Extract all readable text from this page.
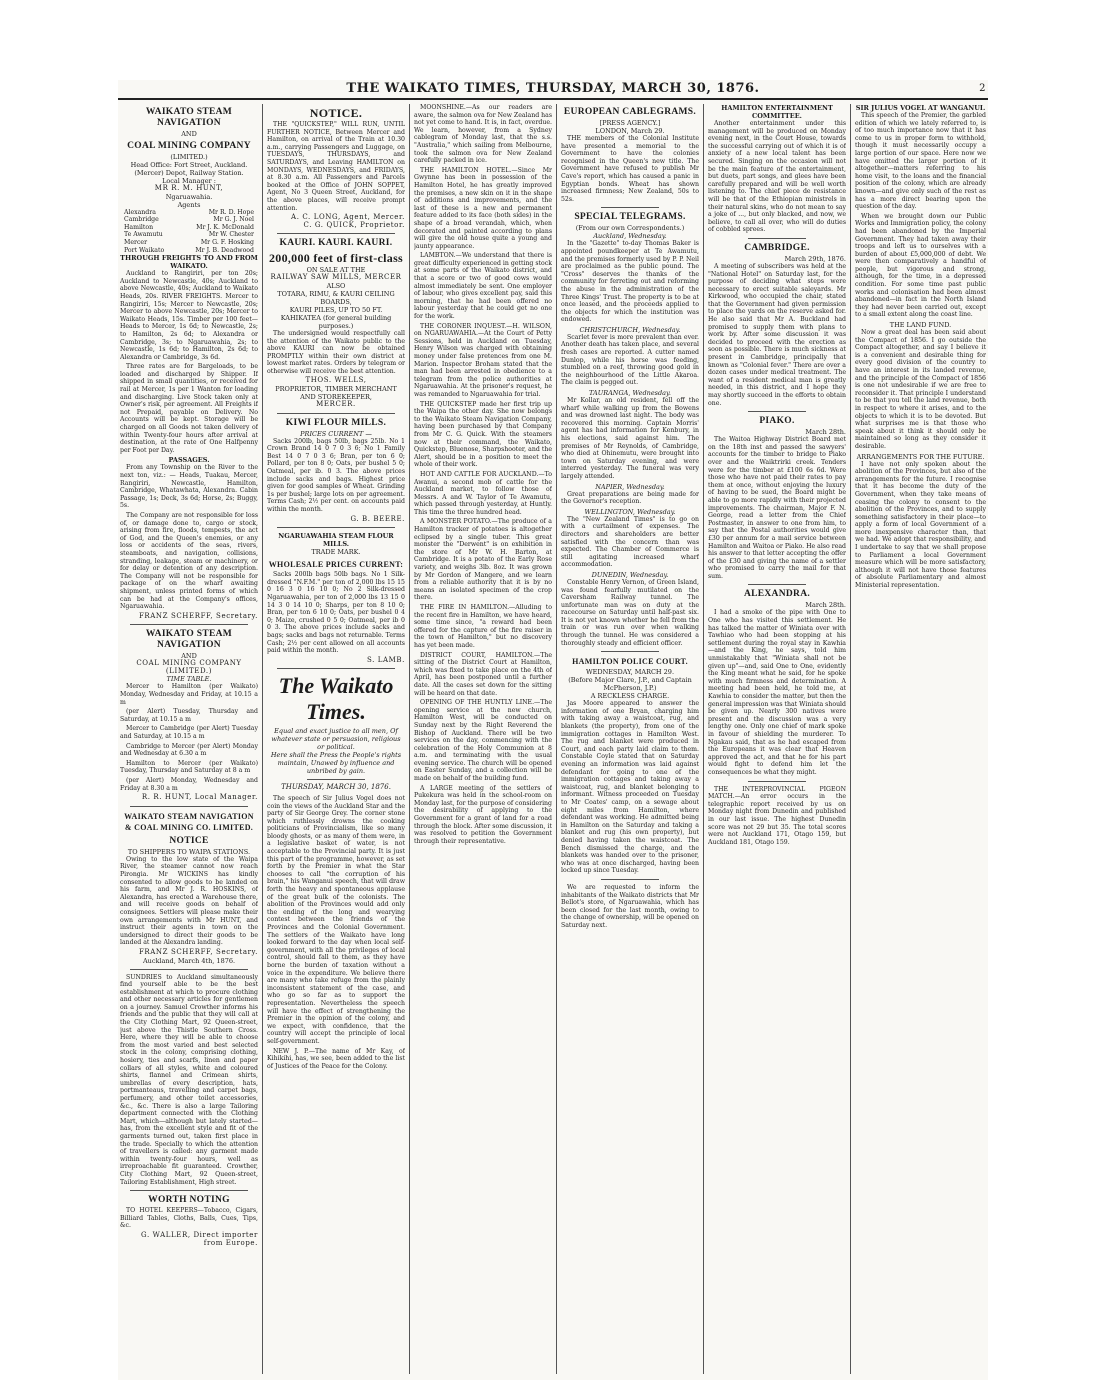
THE WAIKATO TIMES, THURSDAY, MARCH 30, 1876.	2
WAIKATO STEAM NAVIGATION
AND
COAL MINING COMPANY
(LIMITED.)
Head Office: Fort Street, Auckland.
(Mercer) Depot, Railway Station.
Local Manager :
MR R. M. HUNT,
Ngaruawahia.
Agents
Alexandra	Mr R. D. Hope
Cambridge	Mr G. J. Noel
Hamilton	Mr J. K. McDonald
Te Awamutu	Mr W. Chester
Mercer	Mr G. F. Hosking
Port Waikato	Mr J. B. Deadwood
THROUGH FREIGHTS TO AND FROM WAIKATO.

Auckland to Rangiriri, per ton 20s; Auckland to Newcastle, 40s; Auckland to above Newcastle, 40s; Auckland to Waikato Heads, 20s. RIVER FREIGHTS. Mercer to Rangiriri, 15s; Mercer to Newcastle, 20s; Mercer to above Newcastle, 20s; Mercer to Waikato Heads, 15s. Timber per 100 feet—Heads to Mercer, 1s 6d; to Newcastle, 2s; to Hamilton, 2s 6d; to Alexandra or Cambridge, 3s; to Ngaruawahia, 2s; to Newcastle, 1s 6d; to Hamilton, 2s 6d; to Alexandra or Cambridge, 3s 6d.

Three rates are for Bargeloads, to be loaded and discharged by Shipper. If shipped in small quantities, or received for rail at Mercer, 1s per 1 Wanton for loading and discharging. Live Stock taken only at Owner's risk, per agreement. All Freights if not Prepaid, payable on Delivery. No Accounts will be kept. Storage will be charged on all Goods not taken delivery of within Twenty-four hours after arrival at destination, at the rate of One Halfpenny per Foot per Day.

PASSAGES.

From any Township on the River to the next ton, viz.: — Heads, Tuakau, Mercer, Rangiriri, Newcastle, Hamilton, Cambridge, Whatawhata, Alexandra. Cabin Passage, 1s; Deck, 3s 6d; Horse, 2s; Buggy, 5s.

The Company are not responsible for loss of, or damage done to, cargo or stock, arising from fire, floods, tempests, the act of God, and the Queen's enemies, or any loss or accidents of the seas, rivers, steamboats, and navigation, collisions, stranding, leakage, steam or machinery, or for delay or detention of any description. The Company will not be responsible for package of on the wharf awaiting shipment, unless printed forms of which can be had at the Company's offices, Ngaruawahia.

FRANZ SCHERFF, Secretary.
WAIKATO STEAM NAVIGATION
AND
COAL MINING COMPANY (LIMITED.)
TIME TABLE.

Mercer to Hamilton (per Waikato) Monday, Wednesday and Friday, at 10.15 a m

(per Alert) Tuesday, Thursday and Saturday, at 10.15 a m

Mercer to Cambridge (per Alert) Tuesday and Saturday, at 10.15 a m

Cambridge to Mercer (per Alert) Monday and Wednesday at 6.30 a m

Hamilton to Mercer (per Waikato) Tuesday, Thursday and Saturday at 8 a m

(per Alert) Monday, Wednesday and Friday at 8.30 a m

R. R. HUNT, Local Manager.
WAIKATO STEAM NAVIGATION & COAL MINING CO. LIMITED.
NOTICE
TO SHIPPERS TO WAIPA STATIONS.

Owing to the low state of the Waipa River, the steamer cannot now reach Pirongia. Mr WICKINS has kindly consented to allow goods to be landed on his farm, and Mr J. R. HOSKINS, of Alexandra, has erected a Warehouse there, and will receive goods on behalf of consignees. Settlers will please make their own arrangements with Mr HUNT, and instruct their agents in town on the undersigned to direct their goods to be landed at the Alexandra landing.

FRANZ SCHERFF, Secretary.
Auckland, March 4th, 1876.

SUNDRIES to Auckland simultaneously find yourself able to be the best establishment at which to procure clothing and other necessary articles for gentlemen on a journey. Samuel Crowther informs his friends and the public that they will call at the City Clothing Mart, 92 Queen-street, just above the Thistle Southern Cross. Here, where they will be able to choose from the most varied and best selected stock in the colony, comprising clothing, hosiery, ties and scarfs, linen and paper collars of all styles, white and coloured shirts, flannel and Crimean shirts, umbrellas of every description, hats, portmanteaus, travelling and carpet bags, perfumery, and other toilet accessories, &c., &c. There is also a large Tailoring department connected with the Clothing Mart, which—although but lately started—has, from the excellent style and fit of the garments turned out, taken first place in the trade. Specially to which the attention of travellers is called: any garment made within twenty-four hours, well as irreproachable fit guaranteed. Crowther, City Clothing Mart, 92 Queen-street, Tailoring Establishment, High street.

WORTH NOTING

TO HOTEL KEEPERS—Tobacco, Cigars, Billiard Tables, Cloths, Balls, Cues, Tips, &c.

G. WALLER, Direct importer from Europe.
NOTICE.

THE "QUICKSTEP," WILL RUN, UNTIL FURTHER NOTICE, Between Mercer and Hamilton, on arrival of the Train at 10.30 a.m., carrying Passengers and Luggage, on TUESDAYS, THURSDAYS, and SATURDAYS, and Leaving HAMILTON on MONDAYS, WEDNESDAYS, and FRIDAYS, at 8.30 a.m. All Passengers and Parcels booked at the Office of JOHN SOPPET, Agent, No 3 Queen Street, Auckland, for the above places, will receive prompt attention.

A. C. LONG, Agent, Mercer.
C. G. QUICK, Proprietor.
KAURI. KAURI. KAURI.
200,000 feet of first-class
ON SALE AT THE
RAILWAY SAW MILLS, MERCER
ALSO
TOTARA, RIMU, & KAURI CEILING BOARDS,
KAURI PILES, UP TO 50 FT.
KAHIKATEA (for general building purposes.)

The undersigned would respectfully call the attention of the Waikato public to the above KAURI can now be obtained PROMPTLY within their own district at lowest market rates. Orders by telegram or otherwise will receive the best attention.

THOS. WELLS,
PROPRIETOR, TIMBER MERCHANT AND STOREKEEPER,
MERCER.
KIWI FLOUR MILLS.
PRICES CURRENT —

Sacks 200lb, bags 50lb, bags 25lb. No 1 Crown Brand 14 0 7 0 3 6; No 1 Family Best 14 0 7 0 3 6; Bran, per ton 6 0; Pollard, per ton 8 0; Oats, per bushel 5 0; Oatmeal, per ib. 0 3. The above prices include sacks and bags. Highest price given for good samples of Wheat. Grinding 1s per bushel; large lots on per agreement. Terms Cash; 2½ per cent. on accounts paid within the month.

G. B. BEERE.
NGARUAWAHIA STEAM FLOUR MILLS.
TRADE MARK.
WHOLESALE PRICES CURRENT:

Sacks 200lb bags 50lb bags. No 1 Silk-dressed "N.F.M." per ton of 2,000 lbs 15 15 0 16 3 0 16 10 0; No 2 Silk-dressed Ngaruawahia, per ton of 2,000 lbs 13 15 0 14 3 0 14 10 0; Sharps, per ton 8 10 0; Bran, per ton 6 10 0; Oats, per bushel 0 4 0; Maize, crushed 0 5 0; Oatmeal, per ib 0 0 3. The above prices include sacks and bags; sacks and bags not returnable. Terms Cash; 2½ per cent allowed on all accounts paid within the month.

S. LAMB.
The Waikato Times.
Equal and exact justice to all men, Of whatever state or persuasion, religious or political.
Here shall the Press the People's rights maintain, Unawed by influence and unbribed by gain.
THURSDAY, MARCH 30, 1876.

The speech of Sir Julius Vogel does not coin the views of the Auckland Star and the party of Sir George Grey. The corner stone which ruthlessly drowns the cooking politicians of Provincialism, like so many bloody ghosts, or as many of them were, in a legislative basket of water, is not acceptable to the Provincial party. It is just this part of the programme, however, as set forth by the Premier in what the Star chooses to call "the corruption of his brain," his Wanganui speech, that will draw forth the heavy and spontaneous applause of the great bulk of the colonists. The abolition of the Provinces would add only the ending of the long and wearying contest between the friends of the Provinces and the Colonial Government. The settlers of the Waikato have long looked forward to the day when local self-government, with all the privileges of local control, should fall to them, as they have borne the burden of taxation without a voice in the expenditure. We believe there are many who take refuge from the plainly inconsistent statement of the case, and who go so far as to support the representation. Nevertheless the speech will have the effect of strengthening the Premier in the opinion of the colony, and we expect, with confidence, that the country will accept the principle of local self-government.

NEW J. P.—The name of Mr Kay, of Kihikihi, has, we see, been added to the list of Justices of the Peace for the Colony.

MOONSHINE.—As our readers are aware, the salmon ova for New Zealand has not yet come to hand. It is, in fact, overdue. We learn, however, from a Sydney cablegram of Monday last, that the s.s. "Australia," which sailing from Melbourne, took the salmon ova for New Zealand carefully packed in ice.

THE HAMILTON HOTEL.—Since Mr Gwynne has been in possession of the Hamilton Hotel, he has greatly improved the premises, a new skin on it in the shape of additions and improvements, and the last of these is a new and permanent feature added to its face (both sides) in the shape of a broad verandah, which, when decorated and painted according to plans will give the old house quite a young and jaunty appearance.

LAMBTON.—We understand that there is great difficulty experienced in getting stock at some parts of the Waikato district, and that a score or two of good cows would almost immediately be sent. One employer of labour, who gives excellent pay, said this morning, that he had been offered no labour yesterday that he could get no one for the work.

THE CORONER INQUEST.—H. WILSON, on NGARUAWAHIA.—At the Court of Petty Sessions, held in Auckland on Tuesday, Henry Wilson was charged with obtaining money under false pretences from one M. Marion. Inspector Broham stated that the man had been arrested in obedience to a telegram from the police authorities at Ngaruawahia. At the prisoner's request, he was remanded to Ngaruawahia for trial.

THE QUICKSTEP made her first trip up the Waipa the other day. She now belongs to the Waikato Steam Navigation Company, having been purchased by that Company from Mr C. G. Quick. With the steamers now at their command, the Waikato, Quickstep, Bluenose, Sharpshooter, and the Alert, should be in a position to meet the whole of their work.

HOT AND CATTLE FOR AUCKLAND.—To Awanui, a second mob of cattle for the Auckland market, to follow those of Messrs. A and W. Taylor of Te Awamutu, which passed through yesterday, at Huntly. This time the three hundred head.

A MONSTER POTATO.—The produce of a Hamilton tracker of potatoes is altogether eclipsed by a single tuber. This great monster the "Derwent" is on exhibition in the store of Mr W. H. Barton, at Cambridge. It is a potato of the Early Rose variety, and weighs 3lb. 8oz. It was grown by Mr Gordon of Mangere, and we learn from a reliable authority that it is by no means an isolated specimen of the crop there.

THE FIRE IN HAMILTON.—Alluding to the recent fire in Hamilton, we have heard, some time since, "a reward had been offered for the capture of the fire raiser in the town of Hamilton," but no discovery has yet been made.

DISTRICT COURT, HAMILTON.—The sitting of the District Court at Hamilton, which was fixed to take place on the 4th of April, has been postponed until a further date. All the cases set down for the sitting will be heard on that date.

OPENING OF THE HUNTLY LINE.—The opening service at the new church, Hamilton West, will be conducted on Sunday next by the Right Reverend the Bishop of Auckland. There will be two services on the day, commencing with the celebration of the Holy Communion at 8 a.m. and terminating with the usual evening service. The church will be opened on Easter Sunday, and a collection will be made on behalf of the building fund.

A LARGE meeting of the settlers of Pukekura was held in the school-room on Monday last, for the purpose of considering the desirability of applying to the Government for a grant of land for a road through the block. After some discussion, it was resolved to petition the Government through their representative.

EUROPEAN CABLEGRAMS.
[PRESS AGENCY.]
LONDON, March 29.

THE members of the Colonial Institute have presented a memorial to the Government to have the colonies recognised in the Queen's new title. The Government have refused to publish Mr Cave's report, which has caused a panic in Egyptian bonds. Wheat has shown increased firmness; New Zealand, 50s to 52s.

SPECIAL TELEGRAMS.
(From our own Correspondents.)
Auckland, Wednesday.

In the "Gazette" to-day Thomas Baker is appointed poundkeeper at Te Awamutu, and the premises formerly used by P. P. Neil are proclaimed as the public pound. The "Cross" deserves the thanks of the community for ferreting out and reforming the abuse in the administration of the Three Kings' Trust. The property is to be at once leased, and the proceeds applied to the objects for which the institution was endowed.

CHRISTCHURCH, Wednesday.

Scarlet fever is more prevalent than ever. Another death has taken place, and several fresh cases are reported. A cutter named Dunlop, while his horse was feeding, stumbled on a reef, throwing good gold in the neighbourhood of the Little Akaroa. The claim is pegged out.

TAURANGA, Wednesday.

Mr Kollar, an old resident, fell off the wharf while walking up from the Bowens and was drowned last night. The body was recovered this morning. Captain Morris' agent has had information for Kenbury, in his elections, said against him. The premises of Mr Reynolds, of Cambridge, who died at Ohinemutu, were brought into town on Saturday evening, and were interred yesterday. The funeral was very largely attended.

NAPIER, Wednesday.

Great preparations are being made for the Governor's reception.

WELLINGTON, Wednesday.

The "New Zealand Times" is to go on with a curtailment of expenses. The directors and shareholders are better satisfied with the concern than was expected. The Chamber of Commerce is still agitating increased wharf accommodation.

DUNEDIN, Wednesday.

Constable Henry Vernon, of Green Island, was found fearfully mutilated on the Caversham Railway tunnel. The unfortunate man was on duty at the racecourse on Saturday until half-past six. It is not yet known whether he fell from the train or was run over when walking through the tunnel. He was considered a thoroughly steady and efficient officer.

HAMILTON POLICE COURT.
WEDNESDAY, MARCH 29.
(Before Major Clare, J.P., and Captain McPherson, J.P.)
A RECKLESS CHARGE.

Jas Moore appeared to answer the information of one Bryan, charging him with taking away a waistcoat, rug, and blankets (the property), from one of the immigration cottages in Hamilton West. The rug and blanket were produced in Court, and each party laid claim to them. Constable Coyle stated that on Saturday evening an information was laid against defendant for going to one of the immigration cottages and taking away a waistcoat, rug, and blanket belonging to informant. Witness proceeded on Tuesday to Mr Coates' camp, on a sewage about eight miles from Hamilton, where defendant was working. He admitted being in Hamilton on the Saturday and taking a blanket and rug (his own property), but denied having taken the waistcoat. The Bench dismissed the charge, and the blankets was handed over to the prisoner, who was at once discharged, having been locked up since Tuesday.

We are requested to inform the inhabitants of the Waikato districts that Mr Bellot's store, of Ngaruawahia, which has been closed for the last month, owing to the change of ownership, will be opened on Saturday next.

HAMILTON ENTERTAINMENT COMMITTEE.

Another entertainment under this management will be produced on Monday evening next, in the Court House, towards the successful carrying out of which it is of anxiety of a new local talent has been secured. Singing on the occasion will not be the main feature of the entertainment, but duets, part songs, and glees have been carefully prepared and will be well worth listening to. The chief piece de resistance will be that of the Ethiopian ministrels in their natural skins, who do not mean to say a joke of ..., but only blacked, and now, we believe, to call all over, who will do duties of cobbled sprees.

CAMBRIDGE.
March 29th, 1876.

A meeting of subscribers was held at the "National Hotel" on Saturday last, for the purpose of deciding what steps were necessary to erect suitable saleyards. Mr Kirkwood, who occupied the chair, stated that the Government had given permission to place the yards on the reserve asked for. He also said that Mr A. Buckland had promised to supply them with plans to work by. After some discussion it was decided to proceed with the erection as soon as possible. There is much sickness at present in Cambridge, principally that known as "Colonial fever." There are over a dozen cases under medical treatment. The want of a resident medical man is greatly needed, in this district, and I hope they may shortly succeed in the efforts to obtain one.

PIAKO.
March 28th.

The Waitoa Highway District Board met on the 18th inst and passed the sawyers' accounts for the timber to bridge to Piako over and the Waiktrirki creek. Tenders were for the timber at £100 6s 6d. Were those who have not paid their rates to pay them at once, without enjoying the luxury of having to be sued, the Board might be able to go more rapidly with their projected improvements. The chairman, Major F. N. George, read a letter from the Chief Postmaster, in answer to one from him, to say that the Postal authorities would give £30 per annum for a mail service between Hamilton and Waitoa or Piako. He also read his answer to that letter accepting the offer of the £30 and giving the name of a settler who promised to carry the mail for that sum.

ALEXANDRA.
March 28th.

I had a smoke of the pipe with One to One who has visited this settlement. He has talked the matter of Winiata over with Tawhiao who had been stopping at his settlement during the royal stay in Kawhia—and the King, he says, told him unmistakably that "Winiata shall not be given up"—and, said One to One, evidently the King meant what he said, for he spoke with much firmness and determination. A meeting had been held, he told me, at Kawhia to consider the matter, but then the general impression was that Winiata should be given up. Nearly 300 natives were present and the discussion was a very lengthy one. Only one chief of mark spoke in favour of shielding the murderer. To Ngakau said, that as he had escaped from the Europeans it was clear that Heaven approved the act, and that he for his part would fight to defend him let the consequences be what they might.

THE INTERPROVINCIAL PIGEON MATCH.—An error occurs in the telegraphic report received by us on Monday night from Dunedin and published in our last issue. The highest Dunedin score was not 29 but 35. The total scores were not Auckland 171, Otago 159, but Auckland 181, Otago 159.

SIR JULIUS VOGEL AT WANGANUI.

This speech of the Premier, the garbled edition of which we lately referred to, is of too much importance now that it has come to us in proper form to withhold, though it must necessarily occupy a large portion of our space. Here now we have omitted the larger portion of it altogether—matters referring to his home visit, to the loans and the financial position of the colony, which are already known—and give only such of the rest as has a more direct bearing upon the question of the day.

When we brought down our Public Works and Immigration policy, the colony had been abandoned by the Imperial Government. They had taken away their troops and left us to ourselves with a burden of about £5,000,000 of debt. We were then comparatively a handful of people, but vigorous and strong, although, for the time, in a depressed condition. For some time past public works and colonisation had been almost abandoned—in fact in the North Island they had never been carried out, except to a small extent along the coast line.

THE LAND FUND.

Now a great deal has been said about the Compact of 1856. I go outside the Compact altogether, and say I believe it is a convenient and desirable thing for every good division of the country to have an interest in its landed revenue, and the principle of the Compact of 1856 is one not undesirable if we are free to reconsider it. That principle I understand to be that you tell the land revenue, both in respect to where it arises, and to the objects to which it is to be devoted. But what surprises me is that those who speak about it think it should only be maintained so long as they consider it desirable.

ARRANGEMENTS FOR THE FUTURE.

I have not only spoken about the abolition of the Provinces, but also of the arrangements for the future. I recognise that it has become the duty of the Government, when they take means of ceasing the colony to consent to the abolition of the Provinces, and to supply something satisfactory in their place—to apply a form of local Government of a more inexpensive character than, that we had. We adopt that responsibility, and I undertake to say that we shall propose to Parliament a local Government measure which will be more satisfactory, although it will not have those features of absolute Parliamentary and almost Ministerial representation.
